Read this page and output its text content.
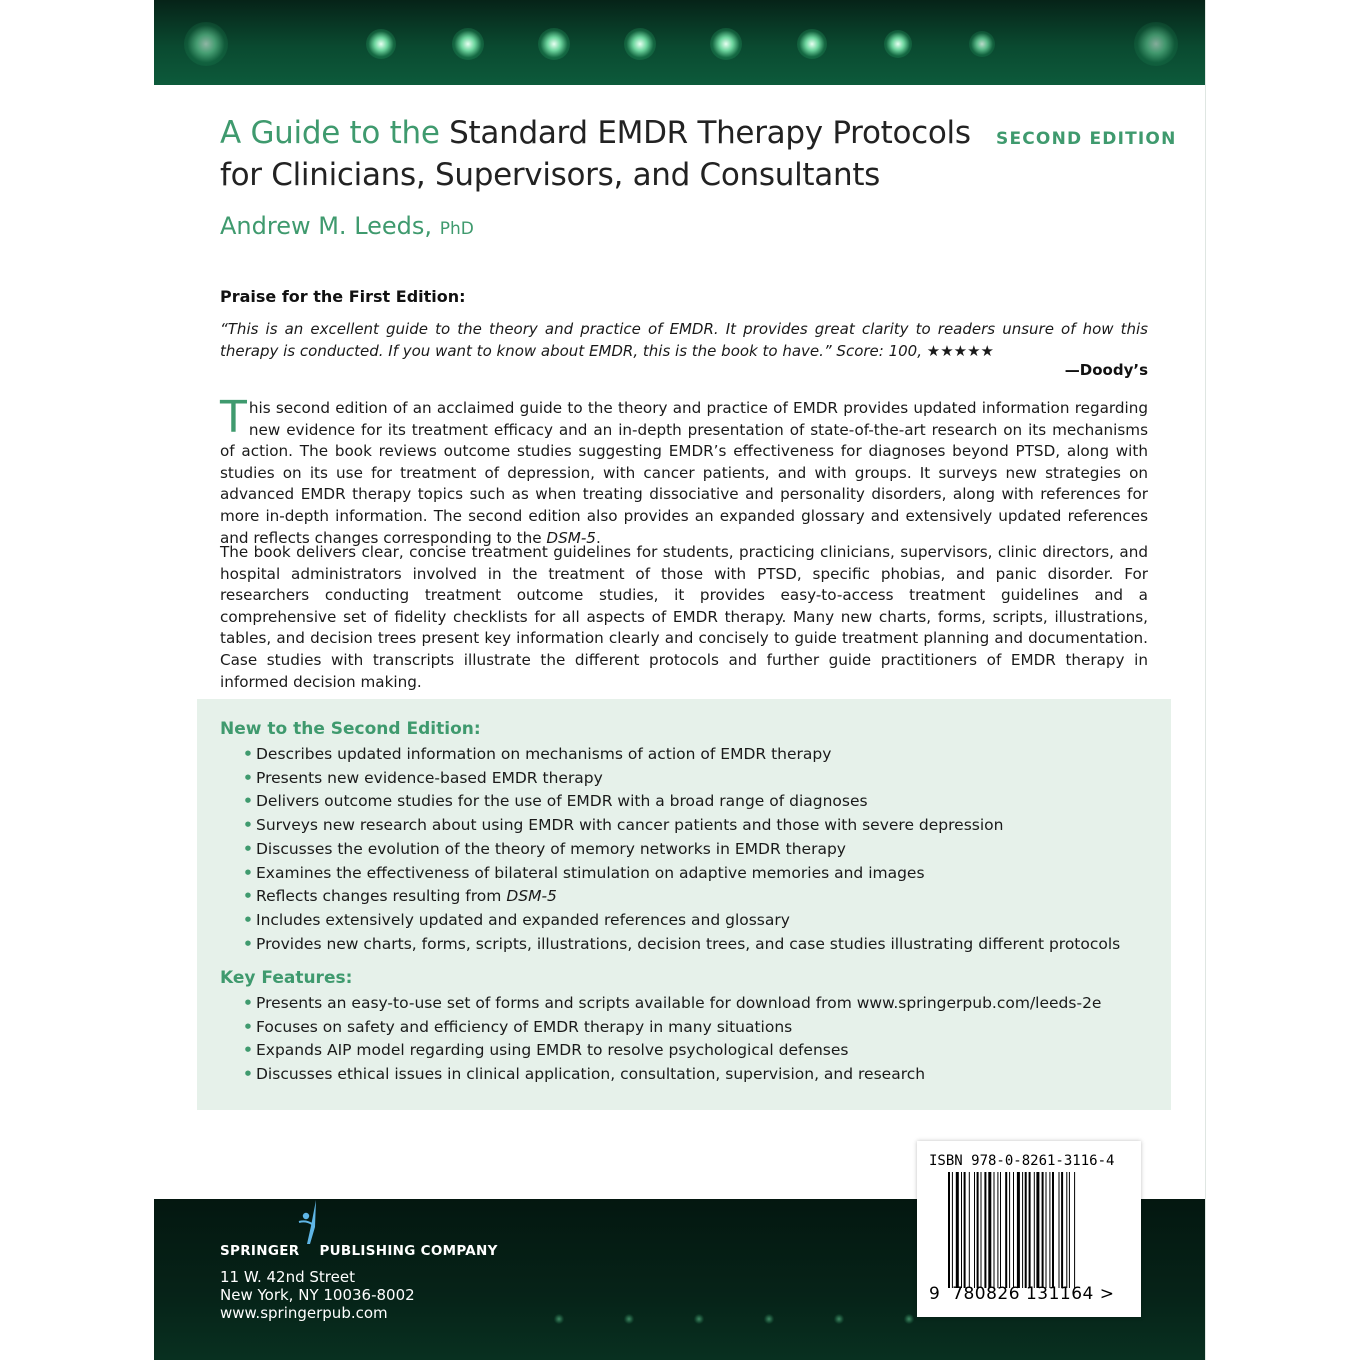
A Guide to the Standard EMDR Therapy Protocols
for Clinicians, Supervisors, and Consultants
SECOND EDITION
Andrew M. Leeds, PhD
Praise for the First Edition:
“This is an excellent guide to the theory and practice of EMDR. It provides great clarity to readers unsure of how this therapy is conducted. If you want to know about EMDR, this is the book to have.” Score: 100, ★★★★★
—Doody’s
This second edition of an acclaimed guide to the theory and practice of EMDR provides updated information regarding new evidence for its treatment efficacy and an in-depth presentation of state-of-the-art research on its mechanisms of action. The book reviews outcome studies suggesting EMDR’s effectiveness for diagnoses beyond PTSD, along with studies on its use for treatment of depression, with cancer patients, and with groups. It surveys new strategies on advanced EMDR therapy topics such as when treating dissociative and personality disorders, along with references for more in-depth information. The second edition also provides an expanded glossary and extensively updated references and reflects changes corresponding to the DSM-5.
The book delivers clear, concise treatment guidelines for students, practicing clinicians, supervisors, clinic directors, and hospital administrators involved in the treatment of those with PTSD, specific phobias, and panic disorder. For researchers conducting treatment outcome studies, it provides easy-to-access treatment guidelines and a comprehensive set of fidelity checklists for all aspects of EMDR therapy. Many new charts, forms, scripts, illustrations, tables, and decision trees present key information clearly and concisely to guide treatment planning and documentation. Case studies with transcripts illustrate the different protocols and further guide practitioners of EMDR therapy in informed decision making.
New to the Second Edition:
• Describes updated information on mechanisms of action of EMDR therapy
• Presents new evidence-based EMDR therapy
• Delivers outcome studies for the use of EMDR with a broad range of diagnoses
• Surveys new research about using EMDR with cancer patients and those with severe depression
• Discusses the evolution of the theory of memory networks in EMDR therapy
• Examines the effectiveness of bilateral stimulation on adaptive memories and images
• Reflects changes resulting from DSM-5
• Includes extensively updated and expanded references and glossary
• Provides new charts, forms, scripts, illustrations, decision trees, and case studies illustrating different protocols
Key Features:
• Presents an easy-to-use set of forms and scripts available for download from www.springerpub.com/leeds-2e
• Focuses on safety and efficiency of EMDR therapy in many situations
• Expands AIP model regarding using EMDR to resolve psychological defenses
• Discusses ethical issues in clinical application, consultation, supervision, and research
SPRINGER PUBLISHING COMPANY
11 W. 42nd Street
New York, NY 10036-8002
www.springerpub.com
ISBN 978-0-8261-3116-4
9 780826 131164 >
